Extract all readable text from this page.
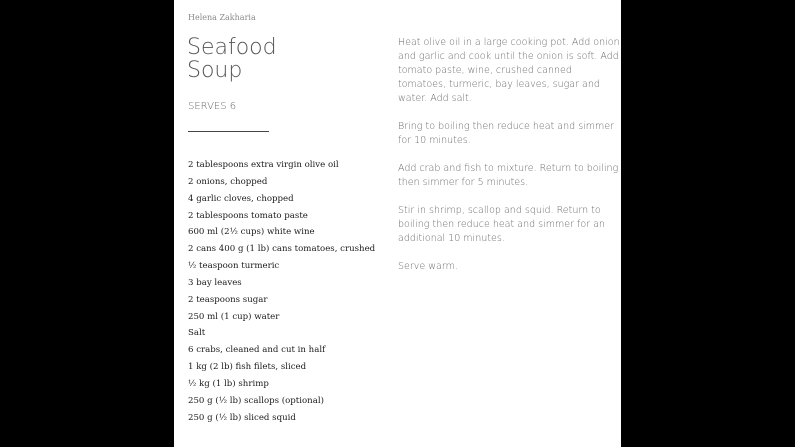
Helena Zakharia
Seafood
Soup
SERVES 6
2 tablespoons extra virgin olive oil
2 onions, chopped
4 garlic cloves, chopped
2 tablespoons tomato paste
600 ml (2½ cups) white wine
2 cans 400 g (1 lb) cans tomatoes, crushed
½ teaspoon turmeric
3 bay leaves
2 teaspoons sugar
250 ml (1 cup) water
Salt
6 crabs, cleaned and cut in half
1 kg (2 lb) fish filets, sliced
½ kg (1 lb) shrimp
250 g (½ lb) scallops (optional)
250 g (½ lb) sliced squid

Heat olive oil in a large cooking pot. Add onion and garlic and cook until the onion is soft. Add tomato paste, wine, crushed canned tomatoes, turmeric, bay leaves, sugar and water. Add salt.

Bring to boiling then reduce heat and simmer for 10 minutes.

Add crab and fish to mixture. Return to boiling then simmer for 5 minutes.

Stir in shrimp, scallop and squid. Return to boiling then reduce heat and simmer for an additional 10 minutes.

Serve warm.
